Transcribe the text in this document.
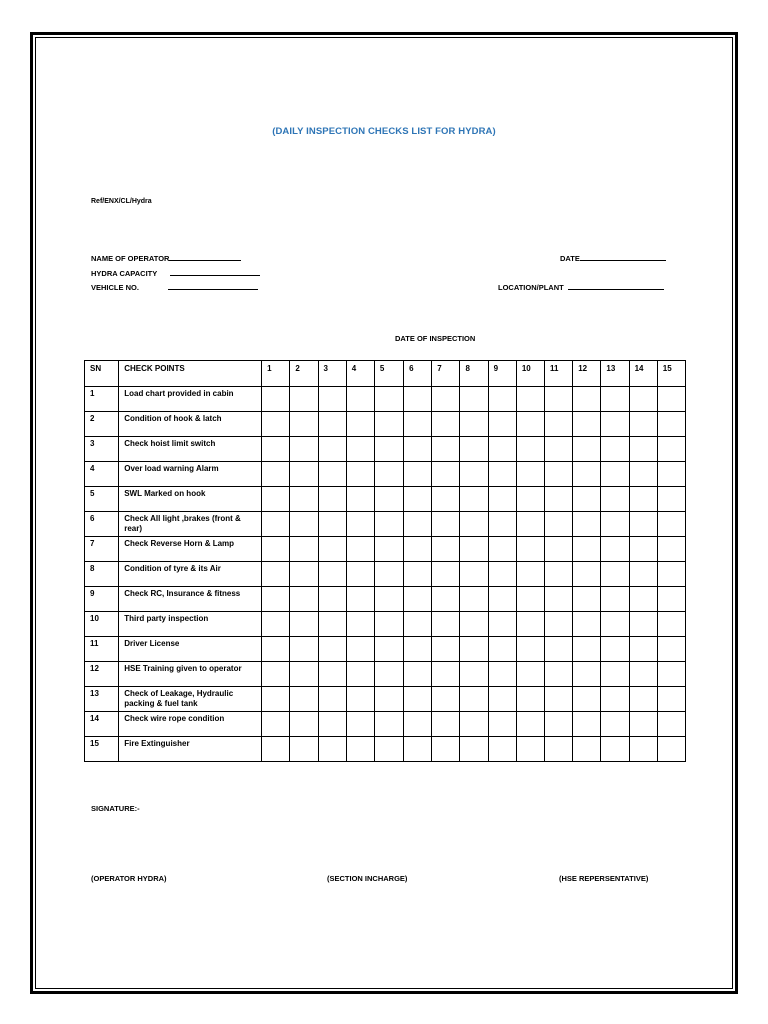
(DAILY INSPECTION CHECKS LIST FOR HYDRA)
Ref/ENX/CL/Hydra
NAME OF OPERATOR
HYDRA CAPACITY
VEHICLE NO.
DATE
LOCATION/PLANT
DATE OF INSPECTION
SN	CHECK POINTS	1	2	3	4	5	6	7	8	9	10	11	12	13	14	15
1	Load chart provided in cabin															
2	Condition of hook & latch															
3	Check hoist limit switch															
4	Over load warning Alarm															
5	SWL Marked on hook															
6	Check All light ,brakes (front & rear)															
7	Check Reverse Horn & Lamp															
8	Condition of tyre & its Air															
9	Check RC, Insurance & fitness															
10	Third party inspection															
11	Driver License															
12	HSE Training given to operator															
13	Check of Leakage, Hydraulic packing & fuel tank															
14	Check wire rope condition															
15	Fire Extinguisher															
SIGNATURE:-
(OPERATOR HYDRA)	(SECTION INCHARGE)	(HSE REPERSENTATIVE)
